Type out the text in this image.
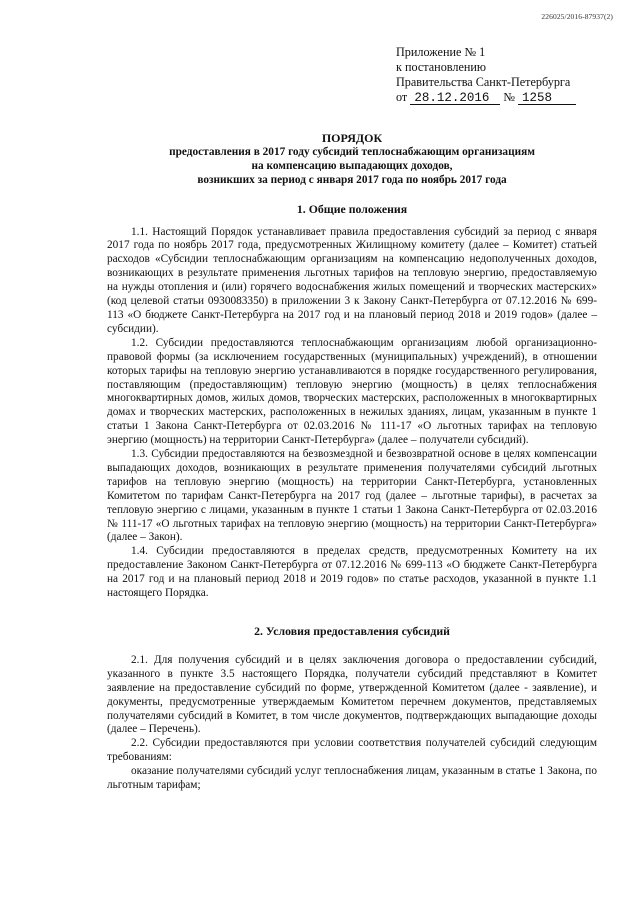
226025/2016-87937(2)
Приложение № 1
к постановлению
Правительства Санкт-Петербурга
от 28.12.2016 № 1258
ПОРЯДОК
предоставления в 2017 году субсидий теплоснабжающим организациям
на компенсацию выпадающих доходов,
возникших за период с января 2017 года по ноябрь 2017 года
1. Общие положения

1.1. Настоящий Порядок устанавливает правила предоставления субсидий за период с января 2017 года по ноябрь 2017 года, предусмотренных Жилищному комитету (далее – Комитет) статьей расходов «Субсидии теплоснабжающим организациям на компенсацию недополученных доходов, возникающих в результате применения льготных тарифов на тепловую энергию, предоставляемую на нужды отопления и (или) горячего водоснабжения жилых помещений и творческих мастерских» (код целевой статьи 0930083350) в приложении 3 к Закону Санкт-Петербурга от 07.12.2016 № 699-113 «О бюджете Санкт-Петербурга на 2017 год и на плановый период 2018 и 2019 годов» (далее – субсидии).

1.2. Субсидии предоставляются теплоснабжающим организациям любой организационно-правовой формы (за исключением государственных (муниципальных) учреждений), в отношении которых тарифы на тепловую энергию устанавливаются в порядке государственного регулирования, поставляющим (предоставляющим) тепловую энергию (мощность) в целях теплоснабжения многоквартирных домов, жилых домов, творческих мастерских, расположенных в многоквартирных домах и творческих мастерских, расположенных в нежилых зданиях, лицам, указанным в пункте 1 статьи 1 Закона Санкт-Петербурга от 02.03.2016 № 111-17 «О льготных тарифах на тепловую энергию (мощность) на территории Санкт-Петербурга» (далее – получатели субсидий).

1.3. Субсидии предоставляются на безвозмездной и безвозвратной основе в целях компенсации выпадающих доходов, возникающих в результате применения получателями субсидий льготных тарифов на тепловую энергию (мощность) на территории Санкт-Петербурга, установленных Комитетом по тарифам Санкт-Петербурга на 2017 год (далее – льготные тарифы), в расчетах за тепловую энергию с лицами, указанным в пункте 1 статьи 1 Закона Санкт-Петербурга от 02.03.2016 № 111-17 «О льготных тарифах на тепловую энергию (мощность) на территории Санкт-Петербурга» (далее – Закон).

1.4. Субсидии предоставляются в пределах средств, предусмотренных Комитету на их предоставление Законом Санкт-Петербурга от 07.12.2016 № 699-113 «О бюджете Санкт-Петербурга на 2017 год и на плановый период 2018 и 2019 годов» по статье расходов, указанной в пункте 1.1 настоящего Порядка.

2. Условия предоставления субсидий

2.1. Для получения субсидий и в целях заключения договора о предоставлении субсидий, указанного в пункте 3.5 настоящего Порядка, получатели субсидий представляют в Комитет заявление на предоставление субсидий по форме, утвержденной Комитетом (далее - заявление), и документы, предусмотренные утверждаемым Комитетом перечнем документов, представляемых получателями субсидий в Комитет, в том числе документов, подтверждающих выпадающие доходы (далее – Перечень).

2.2. Субсидии предоставляются при условии соответствия получателей субсидий следующим требованиям:

оказание получателями субсидий услуг теплоснабжения лицам, указанным в статье 1 Закона, по льготным тарифам;
